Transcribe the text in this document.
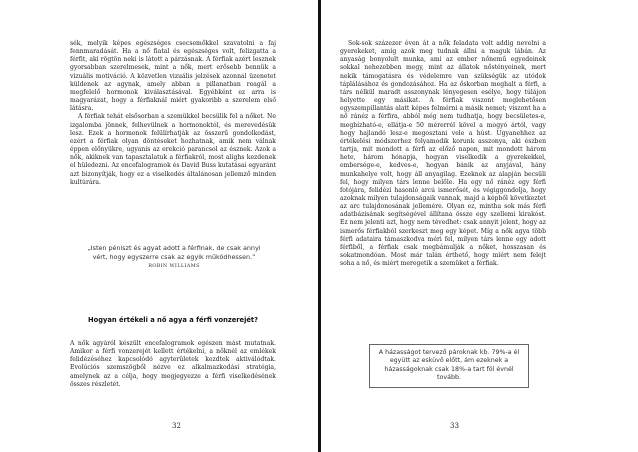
sék, melyik képes egészséges csecsemőkkel szavatolni a faj fennmaradását. Ha a nő fiatal és egészséges volt, felizgatta a férfit, aki rögtön neki is látott a párzásnak. A férfiak azért lesznek gyorsabban szerelmesek, mint a nők, mert erősebb bennük a vizuális motiváció. A közvetlen vizuális jelzések azonnal üzenetet küldenek az agynak, amely abban a pillanatban reagál a megfelelő hormonok kiválasztásával. Egyébként ez arra is magyarázat, hogy a férfiaknál miért gyakoribb a szerelem első látásra.

A férfiak tehát elsősorban a szemükkel becsülik fel a nőket. Ne izgalomba jönnek, felhevülnek a hormonoktól, és merevedésük lesz. Ezek a hormonok felülírhatják az összerű gondolkodást, ezért a férfiak olyan döntéseket hozhatnak, amik nem válnak éppen előnyükre, ugyanis az erekció parancsol az észnek. Azok a nők, akiknek van tapasztalatuk a férfiakról, most alighs kezdenek el hüledezni. Az encefalogramok és David Buss kutatásai egyaránt azt bizonyítják, hogy ez a viselkedés általánosan jellemző minden kultúrára.

„Isten péniszt és agyat adott a férfinak, de csak annyi vért, hogy egyszerre csak az egyik működhessen.”
ROBIN WILLIAMS
Hogyan értékeli a nő agya a férfi vonzerejét?

A nők agyáról készült encefalogramok egészen mást mutatnak. Amikor a férfi vonzerejét kellett értékelni, a nőknél az emlékek felidézéséhez kapcsolódó agyterületek kezdtek aktiválódtak. Evolúciós szemszögből nézve ez alkalmazkodási stratégia, amelynek az a célja, hogy megjegyezze a férfi viselkedésének összes részletét.

32

Sok-sok százezer éven át a nők feladata volt addig nevelni a gyerekeket, amíg azok meg tudnak állni a maguk lábán. Az anyaság bonyolult munka, ami az ember nőnemű egyedeinek sokkal nehezebben megy, mint az állatok nőstényeinek, mert nekik támogatásra és védelemre van szükségük az utódok táplálásához és gondozásához. Ha az őskorban meghalt a férfi, a társ nélkül maradt asszonynak lényegesen esélye, hogy túlájon helyette egy másikat. A férfiak viszont meglehetősen egyszempillantás alatt képes felmérni a másik nemet; viszont ha a nő ránéz a férfira, abból még nem tudhatja, hogy becsületes-e, megbízható-e, ellátja-e 50 mérerrél kövel a mogyó ártól, vagy hogy hajlandó lesz-e megosztani vele a húst. Ugyanehhez az értékelési módszerhez folyamodik korunk asszonya, aki észben tartja, mit mondott a férfi az előző napon, mit mondott három hete, három hónapja, hogyan viselkedik a gyerekekkel, embersége-e, kedves-e, hogyan bánik az anyjával, hány munkahelye volt, hogy áll anyagilag. Ezeknek az alapján becsüli fel, hogy milyen társ lenne belőle. Ha egy nő ránéz egy férfi fotójára, felidézi hasonló arcú ismerősét, és végiggondolja, hogy azoknak milyen tulajdonságaik vannak, majd a képből következtet az arc tulajdonosának jellemére. Olyan ez, mintha sok más férfi adatbázisának segítségével állítana össze egy szellemi kirakóst. Ez nem jelenti azt, hogy nem tévedhet: csak annyit jelent, hogy az ismerős férfiakból szerkeszt meg egy képet. Míg a nők agya több férfi adataira támaszkodva méri fel, milyen társ lenne egy adott férfiből, a férfiak csak megbámulják a nőket, hosszasan és sokatmondóan. Most már talán érthető, hogy miért nem felejt soha a nő, és miért meregetik a szemüket a férfiak.

A házasságot tervező pároknak kb. 79%-a él együtt az esküvő előtt, ám ezeknek a házasságoknak csak 18%-a tart föl évnél tovább.
33
